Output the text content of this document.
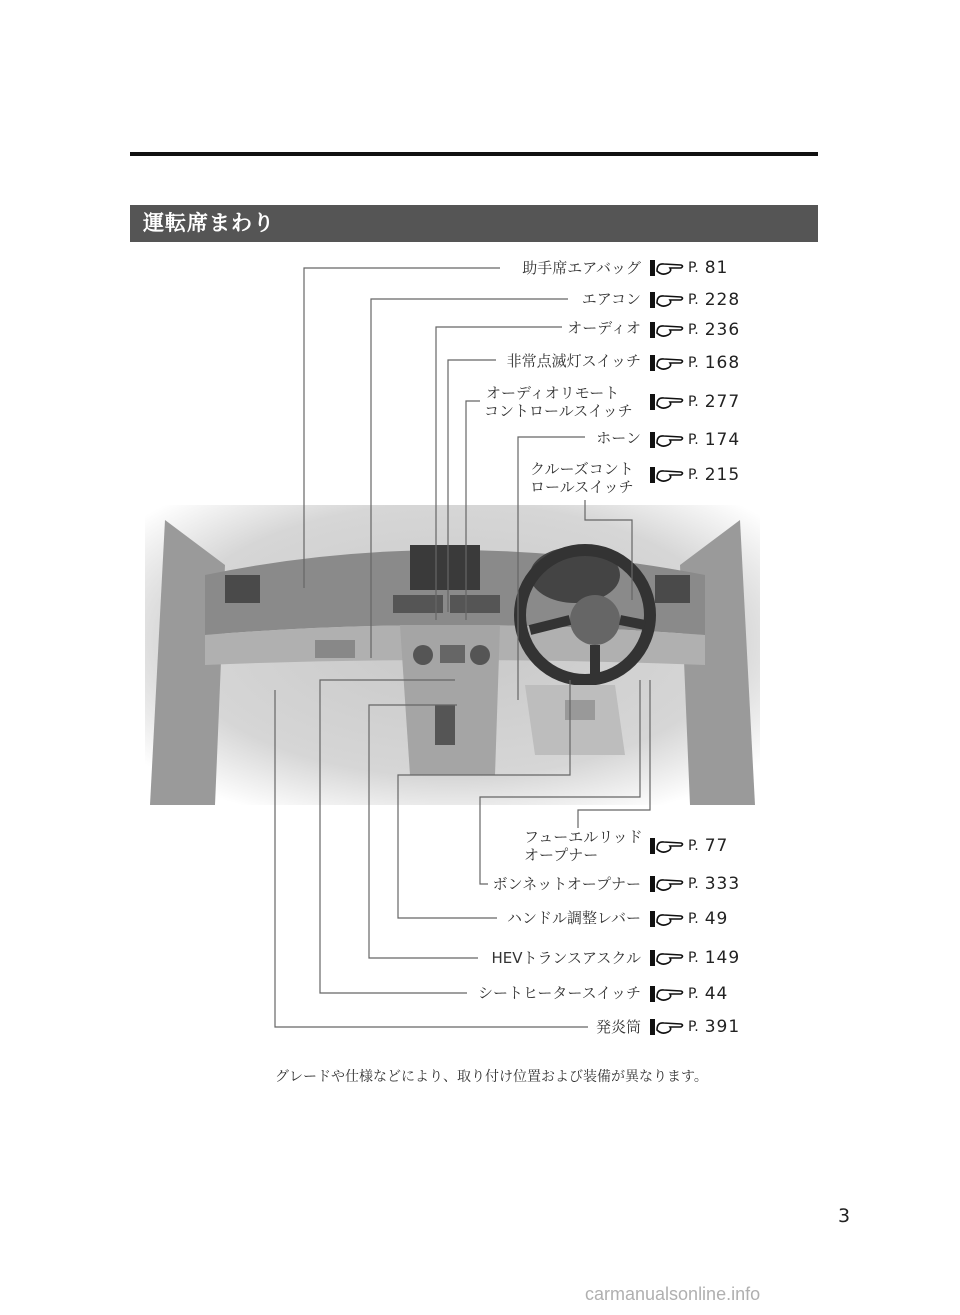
運転席まわり
助手席エアバッグ
エアコン
オーディオ
非常点滅灯スイッチ
オーディオリモート
コントロールスイッチ
ホーン
クルーズコント
ロールスイッチ
フューエルリッド
オープナー
ボンネットオープナー
ハンドル調整レバー
HEVトランスアスクル
シートヒータースイッチ
発炎筒
P. 81
P. 228
P. 236
P. 168
P. 277
P. 174
P. 215
P. 77
P. 333
P. 49
P. 149
P. 44
P. 391
グレードや仕様などにより、取り付け位置および装備が異なります。
3
carmanualsonline.info
